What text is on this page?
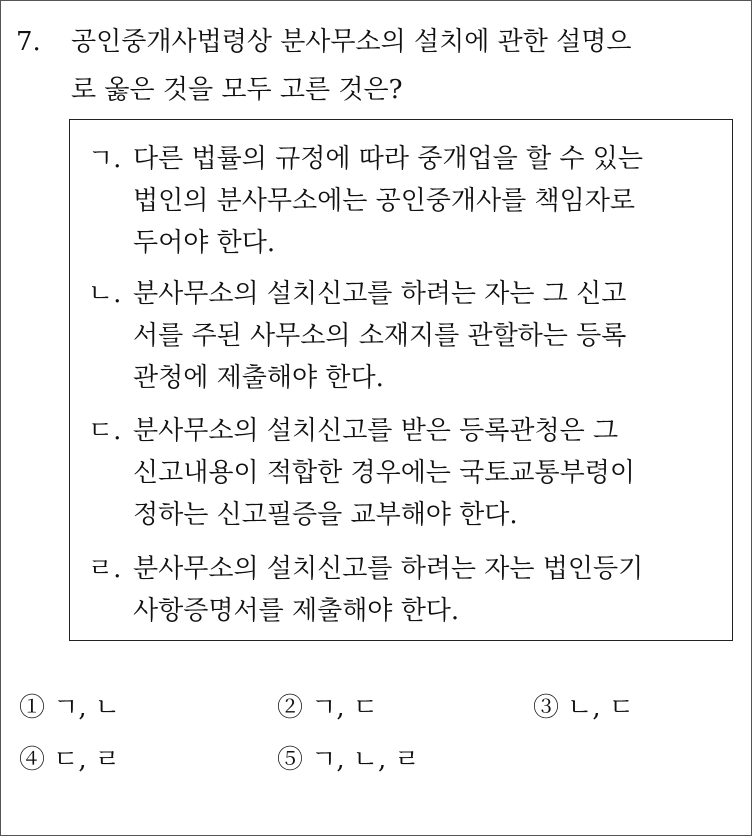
7. 공인중개사법령상 분사무소의 설치에 관한 설명으
로 옳은 것을 모두 고른 것은?
ㄱ. 다른 법률의 규정에 따라 중개업을 할 수 있는
법인의 분사무소에는 공인중개사를 책임자로
두어야 한다.
ㄴ. 분사무소의 설치신고를 하려는 자는 그 신고
서를 주된 사무소의 소재지를 관할하는 등록
관청에 제출해야 한다.
ㄷ. 분사무소의 설치신고를 받은 등록관청은 그
신고내용이 적합한 경우에는 국토교통부령이
정하는 신고필증을 교부해야 한다.
ㄹ. 분사무소의 설치신고를 하려는 자는 법인등기
사항증명서를 제출해야 한다.
① ㄱ, ㄴ	② ㄱ, ㄷ	③ ㄴ, ㄷ
④ ㄷ, ㄹ	⑤ ㄱ, ㄴ, ㄹ
